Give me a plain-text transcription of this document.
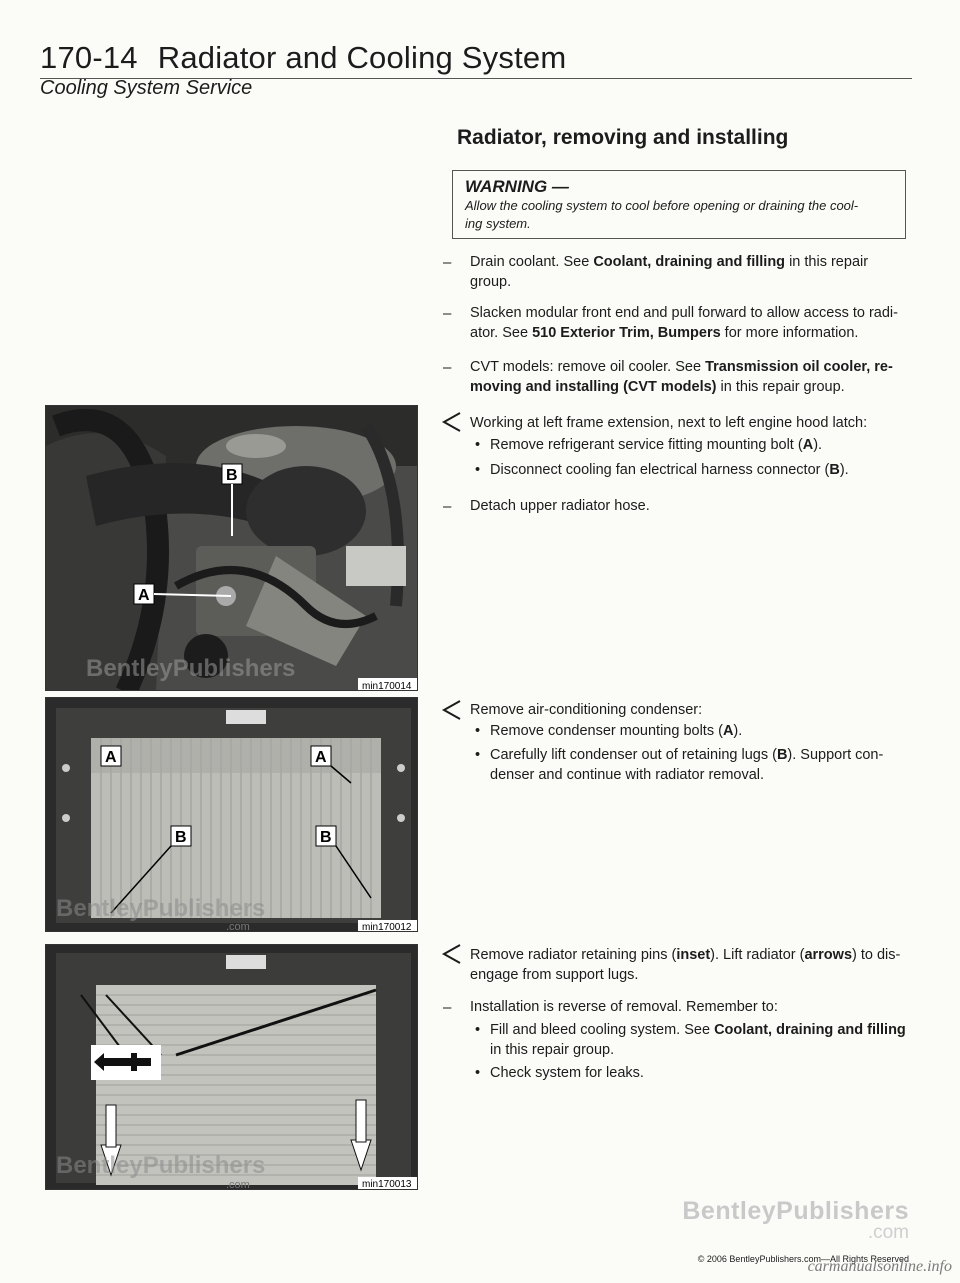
170-14 Radiator and Cooling System
Cooling System Service
Radiator, removing and installing
WARNING —
Allow the cooling system to cool before opening or draining the cool-
ing system.
– Drain coolant. See Coolant, draining and filling in this repair
group.
– Slacken modular front end and pull forward to allow access to radi-
ator. See 510 Exterior Trim, Bumpers for more information.
– CVT models: remove oil cooler. See Transmission oil cooler, re-
moving and installing (CVT models) in this repair group.
Working at left frame extension, next to left engine hood latch:
• Remove refrigerant service fitting mounting bolt (A).
• Disconnect cooling fan electrical harness connector (B).
– Detach upper radiator hose.
Remove air-conditioning condenser:
• Remove condenser mounting bolts (A).
• Carefully lift condenser out of retaining lugs (B). Support con-
denser and continue with radiator removal.
Remove radiator retaining pins (inset). Lift radiator (arrows) to dis-
engage from support lugs.
– Installation is reverse of removal. Remember to:
• Fill and bleed cooling system. See Coolant, draining and filling
in this repair group.
• Check system for leaks.
B
A
BentleyPublishers
min170014
A	A
B	B
BentleyPublishers
.com	min170012
BentleyPublishers
.com	min170013
BentleyPublishers
.com
© 2006 BentleyPublishers.com—All Rights Reserved
carmanualsonline.info
